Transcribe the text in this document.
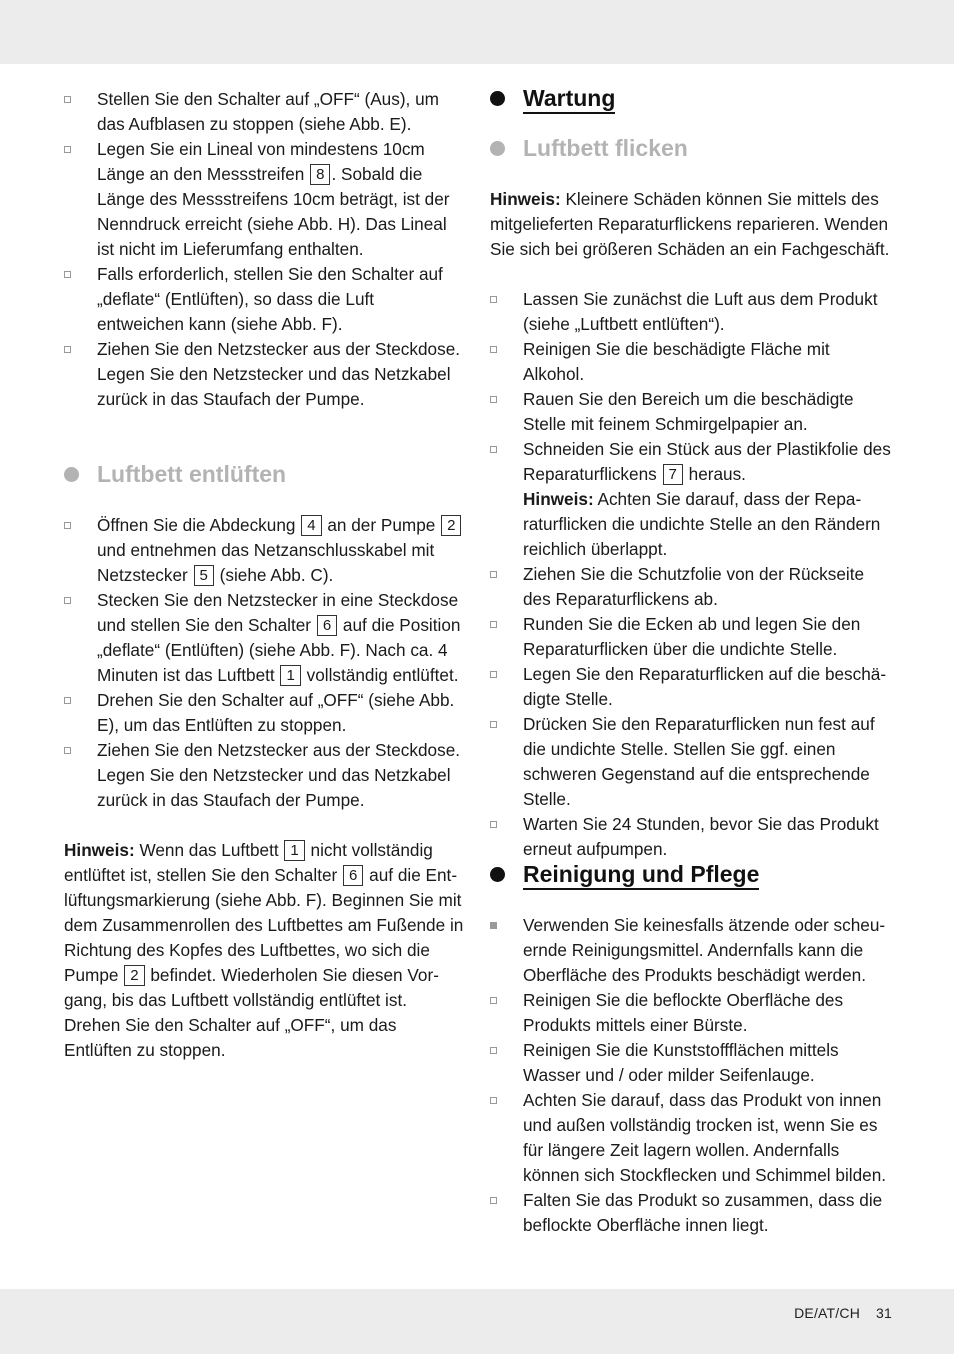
Stellen Sie den Schalter auf „OFF“ (Aus), um das Aufblasen zu stoppen (siehe Abb. E).
Legen Sie ein Lineal von mindestens 10cm Länge an den Messstreifen 8 . Sobald die Länge des Messstreifens 10cm beträgt, ist der Nenndruck erreicht (siehe Abb. H). Das Lineal ist nicht im Lieferumfang enthalten.
Falls erforderlich, stellen Sie den Schalter auf „deflate“ (Entlüften), so dass die Luft entweichen kann (siehe Abb. F).
Ziehen Sie den Netzstecker aus der Steckdose. Legen Sie den Netzstecker und das Netzkabel zurück in das Staufach der Pumpe.
Luftbett entlüften
Öffnen Sie die Abdeckung 4 an der Pumpe 2 und entnehmen das Netzanschlusskabel mit Netzstecker 5 (siehe Abb. C).
Stecken Sie den Netzstecker in eine Steckdose und stellen Sie den Schalter 6 auf die Position „deflate“ (Entlüften) (siehe Abb. F). Nach ca. 4 Minuten ist das Luftbett 1 vollständig entlüftet.
Drehen Sie den Schalter auf „OFF“ (siehe Abb. E), um das Entlüften zu stoppen.
Ziehen Sie den Netzstecker aus der Steckdose. Legen Sie den Netzstecker und das Netzkabel zurück in das Staufach der Pumpe.

Hinweis: Wenn das Luftbett 1 nicht vollständig entlüftet ist, stellen Sie den Schalter 6 auf die Entlüftungsmarkierung (siehe Abb. F). Beginnen Sie mit dem Zusammenrollen des Luftbettes am Fußende in Richtung des Kopfes des Luftbettes, wo sich die Pumpe 2 befindet. Wiederholen Sie diesen Vorgang, bis das Luftbett vollständig entlüftet ist. Drehen Sie den Schalter auf „OFF“, um das Entlüften zu stoppen.

Wartung
Luftbett flicken

Hinweis: Kleinere Schäden können Sie mittels des mitgelieferten Reparaturflickens reparieren. Wenden Sie sich bei größeren Schäden an ein Fachgeschäft.

Lassen Sie zunächst die Luft aus dem Produkt (siehe „Luftbett entlüften“).
Reinigen Sie die beschädigte Fläche mit Alkohol.
Rauen Sie den Bereich um die beschädigte Stelle mit feinem Schmirgelpapier an.
Schneiden Sie ein Stück aus der Plastikfolie des Reparaturflickens 7 heraus.
Hinweis: Achten Sie darauf, dass der Reparaturflicken die undichte Stelle an den Rändern reichlich überlappt.
Ziehen Sie die Schutzfolie von der Rückseite des Reparaturflickens ab.
Runden Sie die Ecken ab und legen Sie den Reparaturflicken über die undichte Stelle.
Legen Sie den Reparaturflicken auf die beschädigte Stelle.
Drücken Sie den Reparaturflicken nun fest auf die undichte Stelle. Stellen Sie ggf. einen schweren Gegenstand auf die entsprechende Stelle.
Warten Sie 24 Stunden, bevor Sie das Produkt erneut aufpumpen.
Reinigung und Pflege
Verwenden Sie keinesfalls ätzende oder scheuernde Reinigungsmittel. Andernfalls kann die Oberfläche des Produkts beschädigt werden.
Reinigen Sie die beflockte Oberfläche des Produkts mittels einer Bürste.
Reinigen Sie die Kunststoffflächen mittels Wasser und / oder milder Seifenlauge.
Achten Sie darauf, dass das Produkt von innen und außen vollständig trocken ist, wenn Sie es für längere Zeit lagern wollen. Andernfalls können sich Stockflecken und Schimmel bilden.
Falten Sie das Produkt so zusammen, dass die beflockte Oberfläche innen liegt.
DE/AT/CH 31
